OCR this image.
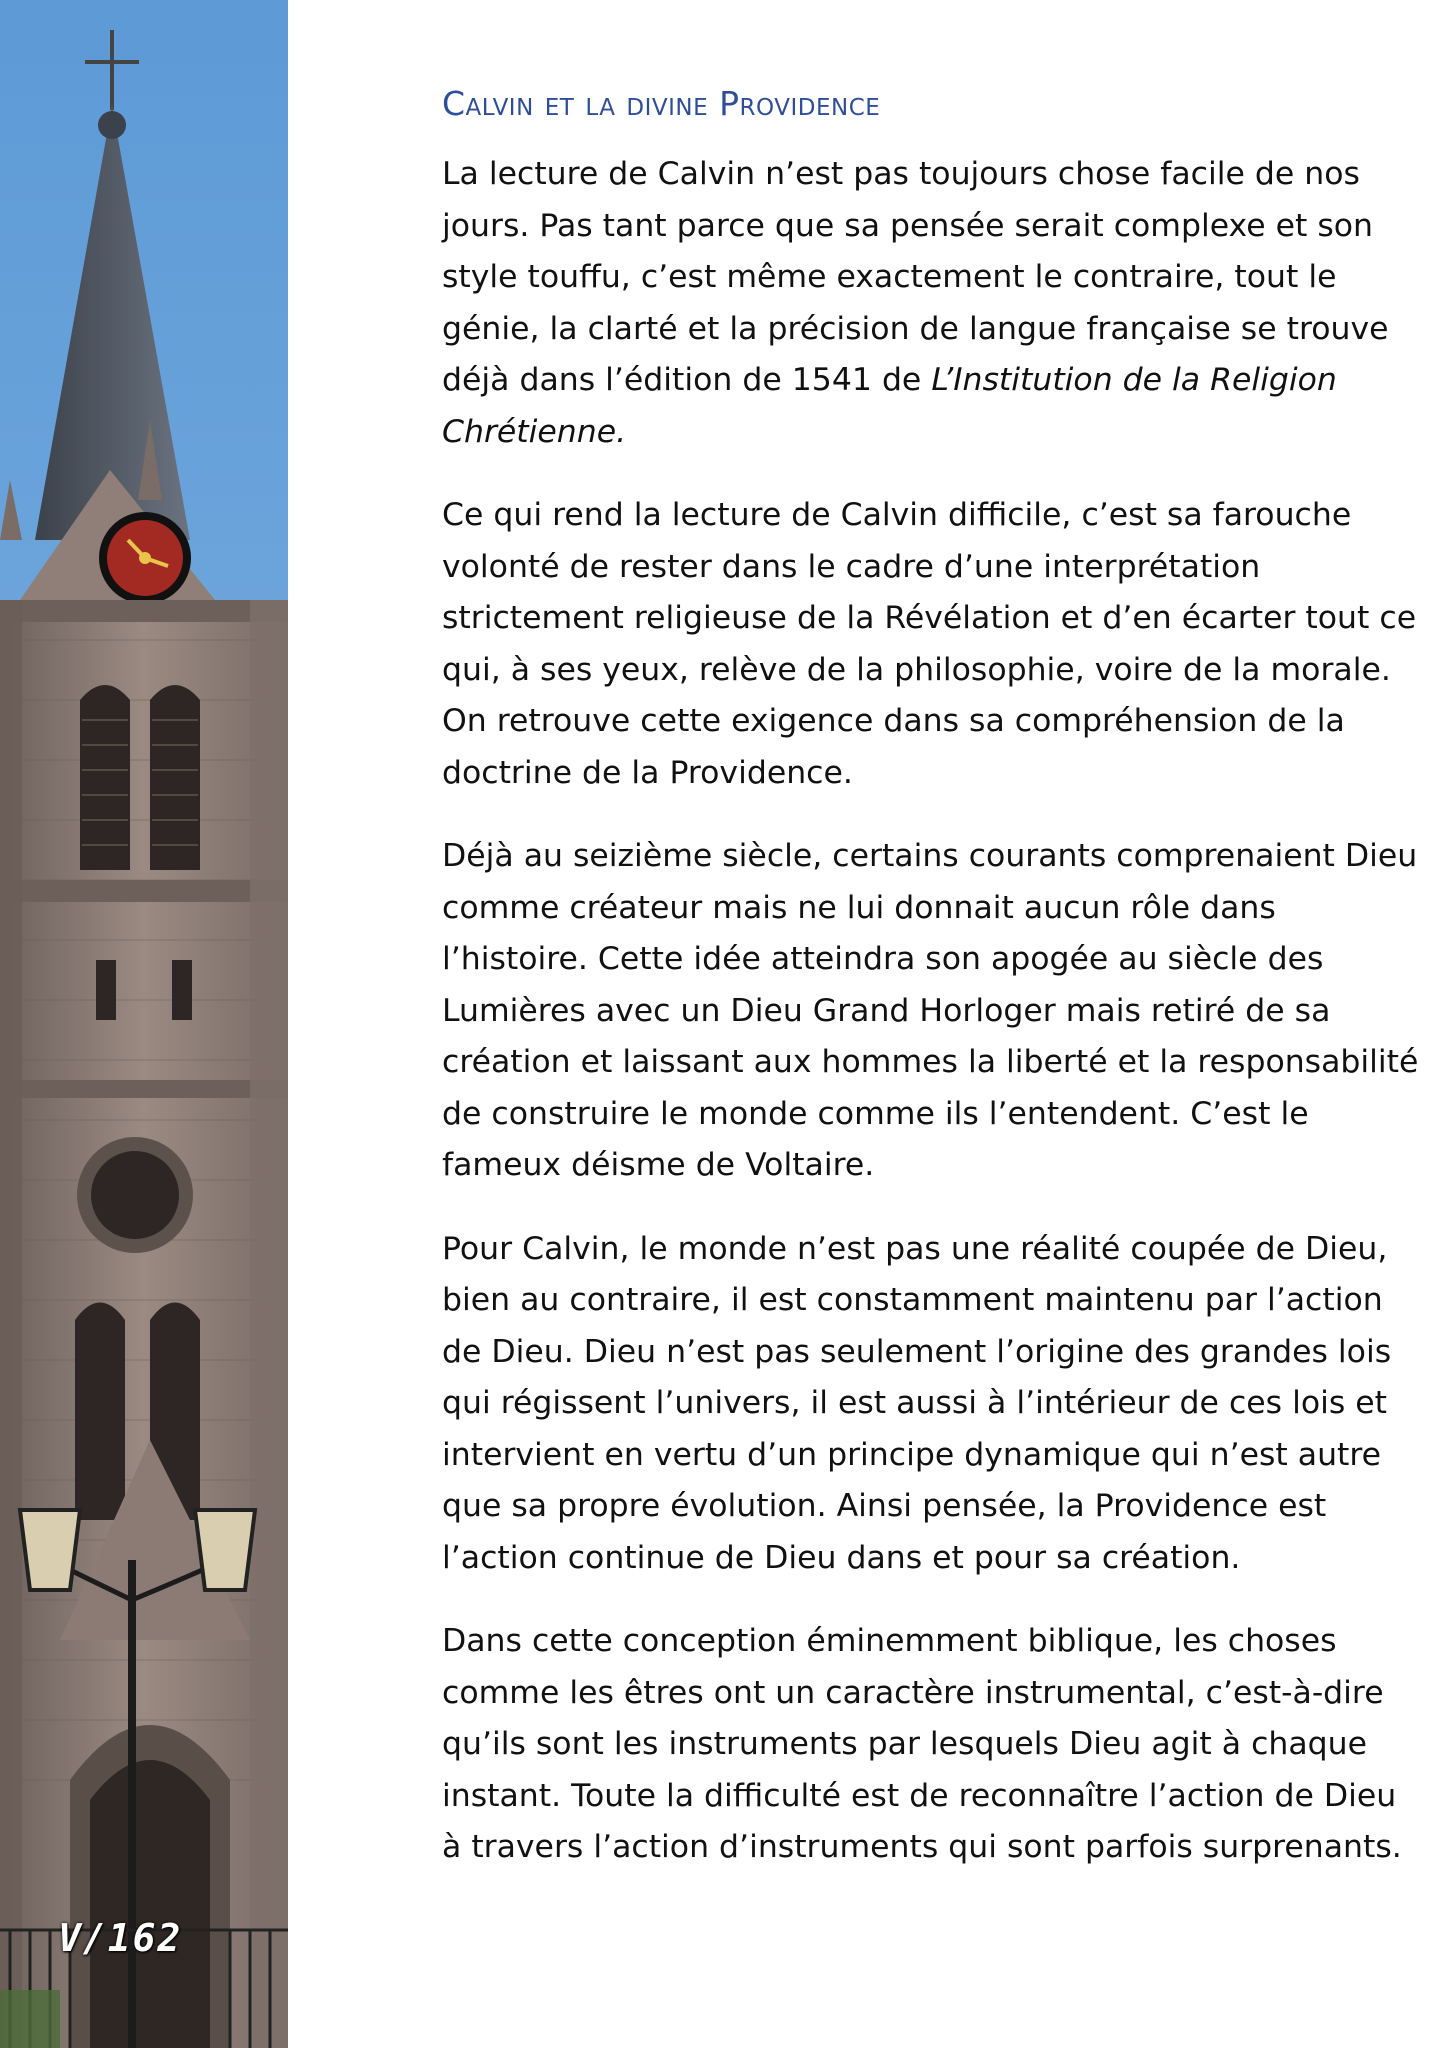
V/162
Calvin et la divine Providence

La lecture de Calvin n’est pas toujours chose facile de nos jours. Pas tant parce que sa pensée serait complexe et son style touffu, c’est même exactement le contraire, tout le génie, la clarté et la précision de langue française se trouve déjà dans l’édition de 1541 de L’Institution de la Religion Chrétienne.

Ce qui rend la lecture de Calvin difficile, c’est sa farouche volonté de rester dans le cadre d’une interprétation strictement religieuse de la Révélation et d’en écarter tout ce qui, à ses yeux, relève de la philosophie, voire de la morale. On retrouve cette exigence dans sa compréhension de la doctrine de la Providence.

Déjà au seizième siècle, certains courants comprenaient Dieu comme créateur mais ne lui donnait aucun rôle dans l’histoire. Cette idée atteindra son apogée au siècle des Lumières avec un Dieu Grand Horloger mais retiré de sa création et laissant aux hommes la liberté et la responsabilité de construire le monde comme ils l’entendent. C’est le fameux déisme de Voltaire.

Pour Calvin, le monde n’est pas une réalité coupée de Dieu, bien au contraire, il est constamment maintenu par l’action de Dieu. Dieu n’est pas seulement l’origine des grandes lois qui régissent l’univers, il est aussi à l’intérieur de ces lois et intervient en vertu d’un principe dynamique qui n’est autre que sa propre évolution. Ainsi pensée, la Providence est l’action continue de Dieu dans et pour sa création.

Dans cette conception éminemment biblique, les choses comme les êtres ont un caractère instrumental, c’est-à-dire qu’ils sont les instruments par lesquels Dieu agit à chaque instant. Toute la difficulté est de reconnaître l’action de Dieu à travers l’action d’instruments qui sont parfois surprenants.
